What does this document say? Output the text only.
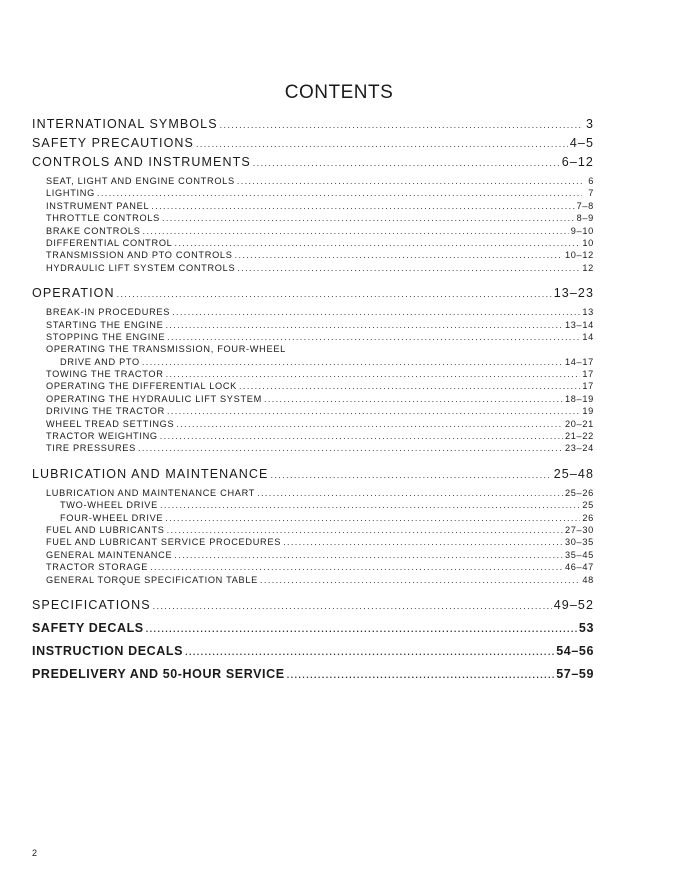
CONTENTS
INTERNATIONAL SYMBOLS .....	3
SAFETY PRECAUTIONS .....	4–5
CONTROLS AND INSTRUMENTS .....	6–12
SEAT, LIGHT AND ENGINE CONTROLS .....	6
LIGHTING .....	7
INSTRUMENT PANEL .....	7–8
THROTTLE CONTROLS .....	8–9
BRAKE CONTROLS .....	9–10
DIFFERENTIAL CONTROL .....	10
TRANSMISSION AND PTO CONTROLS .....	10–12
HYDRAULIC LIFT SYSTEM CONTROLS .....	12
OPERATION .....	13–23
BREAK-IN PROCEDURES .....	13
STARTING THE ENGINE .....	13–14
STOPPING THE ENGINE .....	14
OPERATING THE TRANSMISSION, FOUR-WHEEL
DRIVE AND PTO .....	14–17
TOWING THE TRACTOR .....	17
OPERATING THE DIFFERENTIAL LOCK .....	17
OPERATING THE HYDRAULIC LIFT SYSTEM .....	18–19
DRIVING THE TRACTOR .....	19
WHEEL TREAD SETTINGS .....	20–21
TRACTOR WEIGHTING .....	21–22
TIRE PRESSURES .....	23–24
LUBRICATION AND MAINTENANCE .....	25–48
LUBRICATION AND MAINTENANCE CHART .....	25–26
TWO-WHEEL DRIVE .....	25
FOUR-WHEEL DRIVE .....	26
FUEL AND LUBRICANTS .....	27–30
FUEL AND LUBRICANT SERVICE PROCEDURES .....	30–35
GENERAL MAINTENANCE .....	35–45
TRACTOR STORAGE .....	46–47
GENERAL TORQUE SPECIFICATION TABLE .....	48
SPECIFICATIONS .....	49–52
SAFETY DECALS .....	53
INSTRUCTION DECALS .....	54–56
PREDELIVERY AND 50-HOUR SERVICE .....	57–59
2
